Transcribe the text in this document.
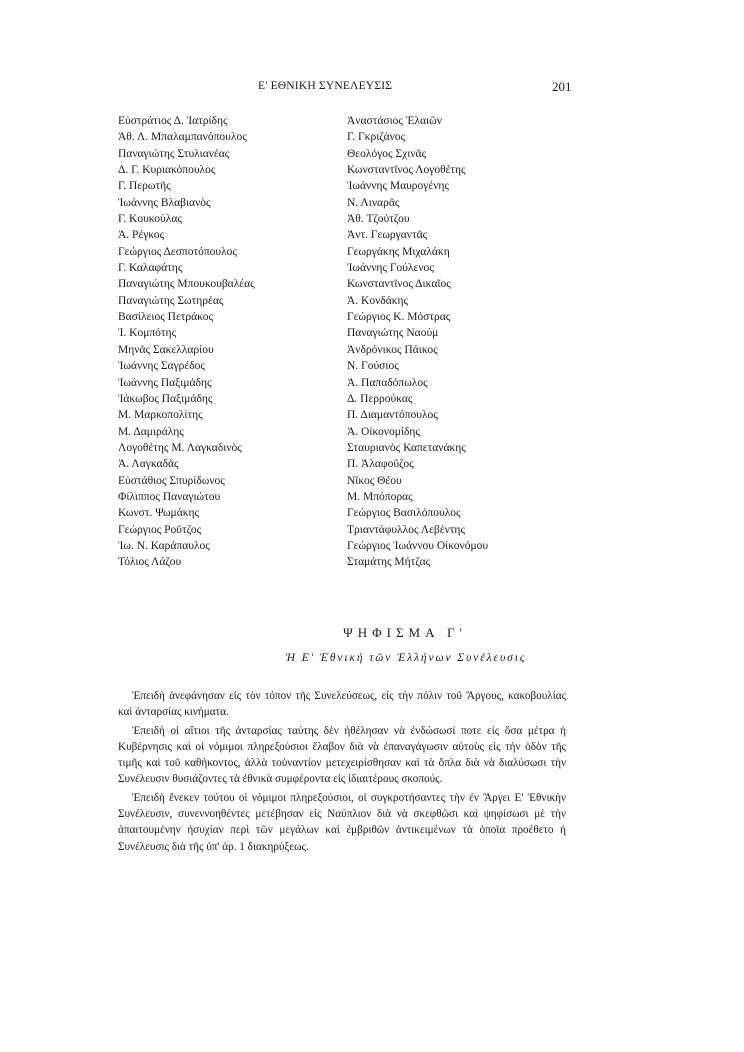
Ε' ΕΘΝΙΚΗ ΣΥΝΕΛΕΥΣΙΣ	201
Εὐστράτιος Δ. Ἰατρίδης
Ἀθ. Λ. Μπαλαμπανόπουλος
Παναγιώτης Στυλιανέας
Δ. Γ. Κυριακόπουλος
Γ. Περωτῆς
Ἰωάννης Βλαβιανὸς
Γ. Κουκούλας
Ἀ. Ρέγκος
Γεώργιος Δεσποτόπουλος
Γ. Καλαφάτης
Παναγιώτης Μπουκουβαλέας
Παναγιώτης Σωτηρέας
Βασίλειος Πετράκος
Ἰ. Κομπότης
Μηνᾶς Σακελλαρίου
Ἰωάννης Σαγρέδος
Ἰωάννης Παξιμάδης
Ἰάκωβος Παξιμάδης
Μ. Μαρκοπολίτης
Μ. Δαμιράλης
Λογοθέτης Μ. Λαγκαδινὸς
Ἀ. Λαγκαδᾶς
Εὐστάθιος Σπυρίδωνος
Φίλιππος Παναγιώτου
Κωνστ. Ψωμάκης
Γεώργιος Ροῦτζος
Ἰω. Ν. Καράπαυλος
Τόλιος Λάζου
Ἀναστάσιος Ἐλαιῶν
Γ. Γκριζάνος
Θεολόγος Σχινᾶς
Κωνσταντῖνος Λογοθέτης
Ἰωάννης Μαυρογένης
Ν. Λιναρᾶς
Ἀθ. Τζούτζου
Ἀντ. Γεωργαντᾶς
Γεωργάκης Μιχαλάκη
Ἰωάννης Γούλενος
Κωνσταντῖνος Δικαῖος
Ἀ. Κονδάκης
Γεώργιος Κ. Μόστρας
Παναγιώτης Ναούμ
Ἀνδρόνικος Πάικος
Ν. Γούσιος
Ἀ. Παπαδόπωλος
Δ. Περρούκας
Π. Διαμαντόπουλος
Ἀ. Οἰκονομίδης
Σταυριανὸς Καπετανάκης
Π. Ἀλαφοῦζος
Νῖκος Θέου
Μ. Μπόπορας
Γεώργιος Βασιλόπουλος
Τριαντάφυλλος Λεβέντης
Γεώργιος Ἰωάννου Οἰκονόμου
Σταμάτης Μήτζας
ΨΗΦΙΣΜΑ Γ'
Ἡ Ε' Ἐθνικὴ τῶν Ἑλλήνων Συνέλευσις

Ἐπειδὴ ἀνεφάνησαν εἰς τὸν τόπον τῆς Συνελεύσεως, εἰς τὴν πόλιν τοῦ Ἄργους, κακοβουλίας καὶ ἀνταρσίας κινήματα.

Ἐπειδὴ οἱ αἴτιοι τῆς ἀνταρσίας ταύτης δὲν ἠθέλησαν νὰ ἐνδώσωσί ποτε εἰς ὅσα μέτρα ἡ Κυβέρνησις καὶ οἱ νόμιμοι πληρεξούσιοι ἔλαβον διὰ νὰ ἐπαναγάγωσιν αὐτοὺς εἰς τὴν ὁδὸν τῆς τιμῆς καὶ τοῦ καθήκοντος, ἀλλὰ τοὐναντίον μετεχειρίσθησαν καὶ τὰ ὅπλα διὰ νὰ διαλύσωσι τὴν Συνέλευσιν θυσιάζοντες τὰ ἐθνικὰ συμφέροντα εἰς ἰδιαιτέρους σκοπούς.

Ἐπειδὴ ἕνεκεν τούτου οἱ νόμιμοι πληρεξούσιοι, οἱ συγκροτήσαντες τὴν ἐν Ἄργει Ε' Ἐθνικὴν Συνέλευσιν, συνεννοηθέντες μετέβησαν εἰς Ναύπλιον διὰ νὰ σκεφθῶσι καὶ ψηφίσωσι μὲ τὴν ἀπαιτουμένην ἡσυχίαν περὶ τῶν μεγάλων καὶ ἐμβριθῶν ἀντικειμένων τὰ ὁποῖα προέθετο ἡ Συνέλευσις διὰ τῆς ὑπ' ἀρ. 1 διακηρύξεως.
